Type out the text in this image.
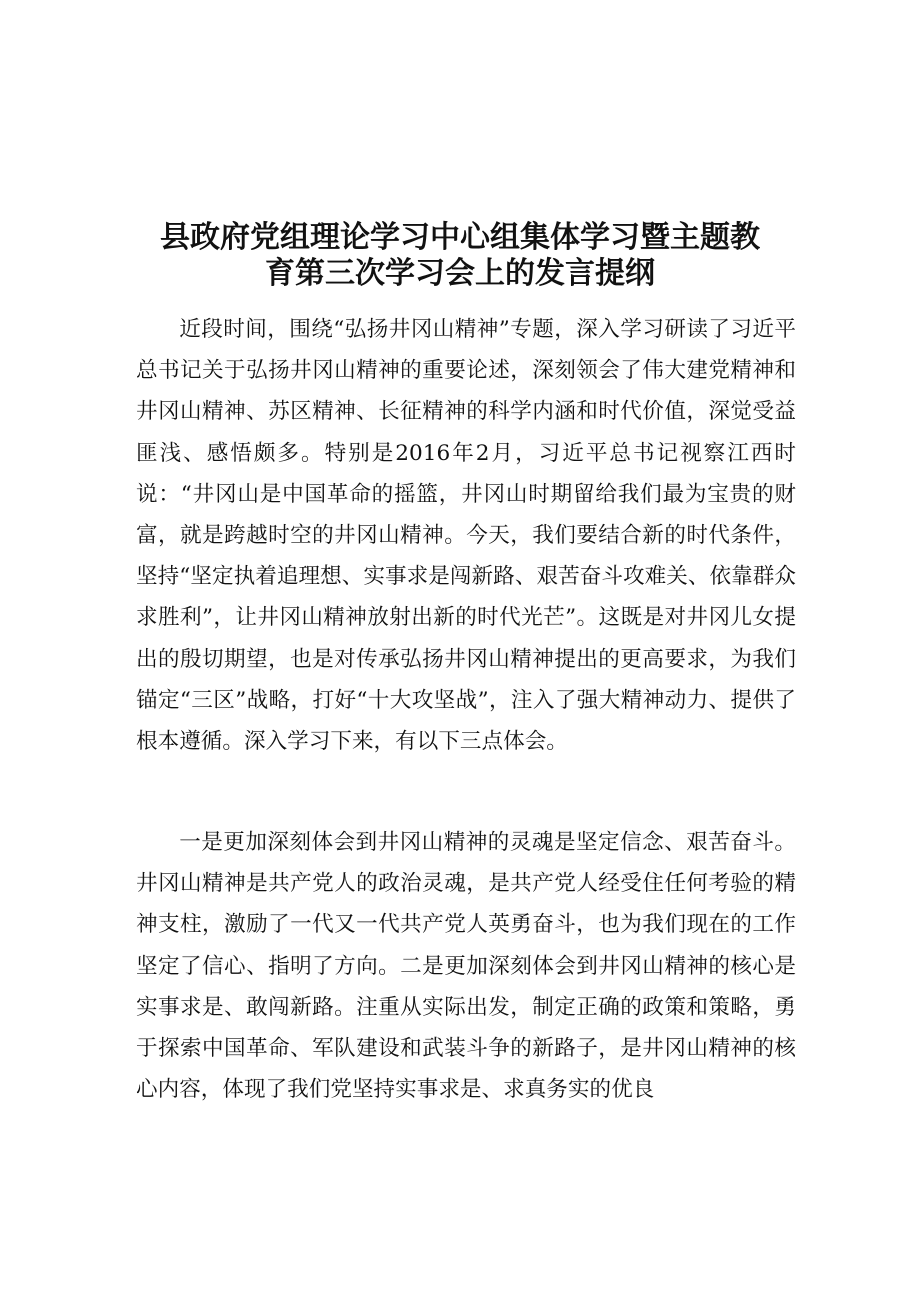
县政府党组理论学习中心组集体学习暨主题教
育第三次学习会上的发言提纲

近段时间，围绕“弘扬井冈山精神”专题，深入学习研读了习近平总书记关于弘扬井冈山精神的重要论述，深刻领会了伟大建党精神和井冈山精神、苏区精神、长征精神的科学内涵和时代价值，深觉受益匪浅、感悟颇多。特别是2016年2月，习近平总书记视察江西时说：“井冈山是中国革命的摇篮，井冈山时期留给我们最为宝贵的财富，就是跨越时空的井冈山精神。今天，我们要结合新的时代条件，坚持“坚定执着追理想、实事求是闯新路、艰苦奋斗攻难关、依靠群众求胜利”，让井冈山精神放射出新的时代光芒”。这既是对井冈儿女提出的殷切期望，也是对传承弘扬井冈山精神提出的更高要求，为我们锚定“三区”战略，打好“十大攻坚战”，注入了强大精神动力、提供了根本遵循。深入学习下来，有以下三点体会。

一是更加深刻体会到井冈山精神的灵魂是坚定信念、艰苦奋斗。井冈山精神是共产党人的政治灵魂，是共产党人经受住任何考验的精神支柱，激励了一代又一代共产党人英勇奋斗，也为我们现在的工作坚定了信心、指明了方向。二是更加深刻体会到井冈山精神的核心是实事求是、敢闯新路。注重从实际出发，制定正确的政策和策略，勇于探索中国革命、军队建设和武装斗争的新路子，是井冈山精神的核心内容，体现了我们党坚持实事求是、求真务实的优良
